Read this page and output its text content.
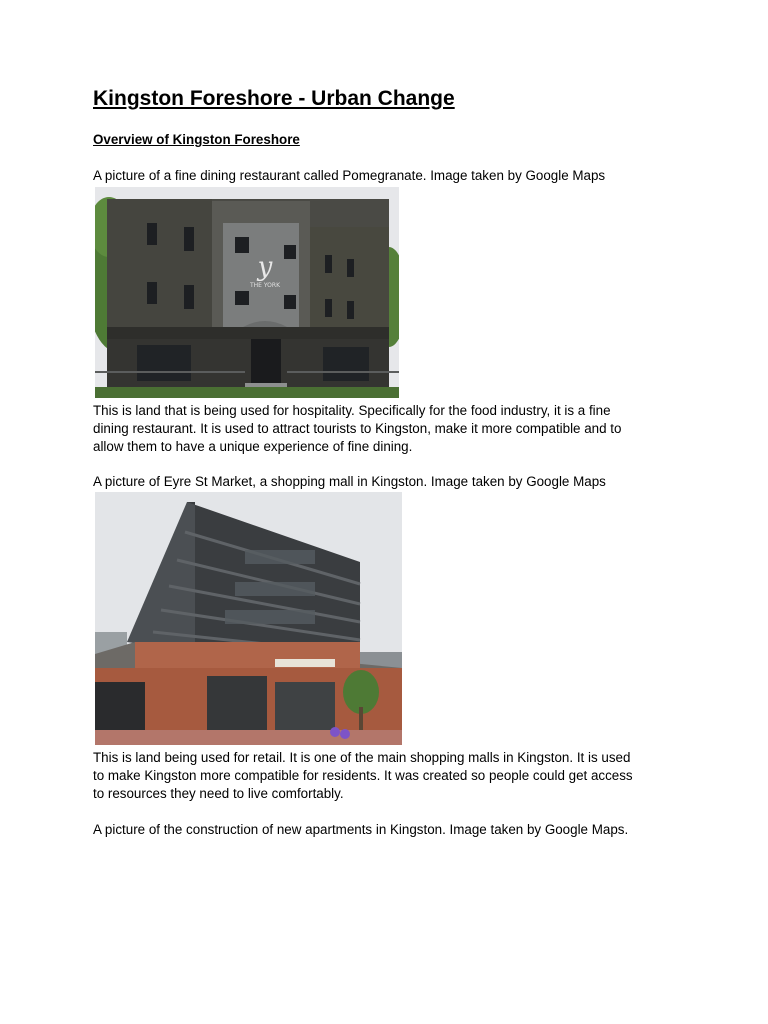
Kingston Foreshore - Urban Change
Overview of Kingston Foreshore

A picture of a fine dining restaurant called Pomegranate. Image taken by Google Maps

y
THE YORK

This is land that is being used for hospitality. Specifically for the food industry, it is a fine
dining restaurant. It is used to attract tourists to Kingston, make it more compatible and to
allow them to have a unique experience of fine dining.

A picture of Eyre St Market, a shopping mall in Kingston. Image taken by Google Maps

This is land being used for retail. It is one of the main shopping malls in Kingston. It is used
to make Kingston more compatible for residents. It was created so people could get access
to resources they need to live comfortably.

A picture of the construction of new apartments in Kingston. Image taken by Google Maps.
